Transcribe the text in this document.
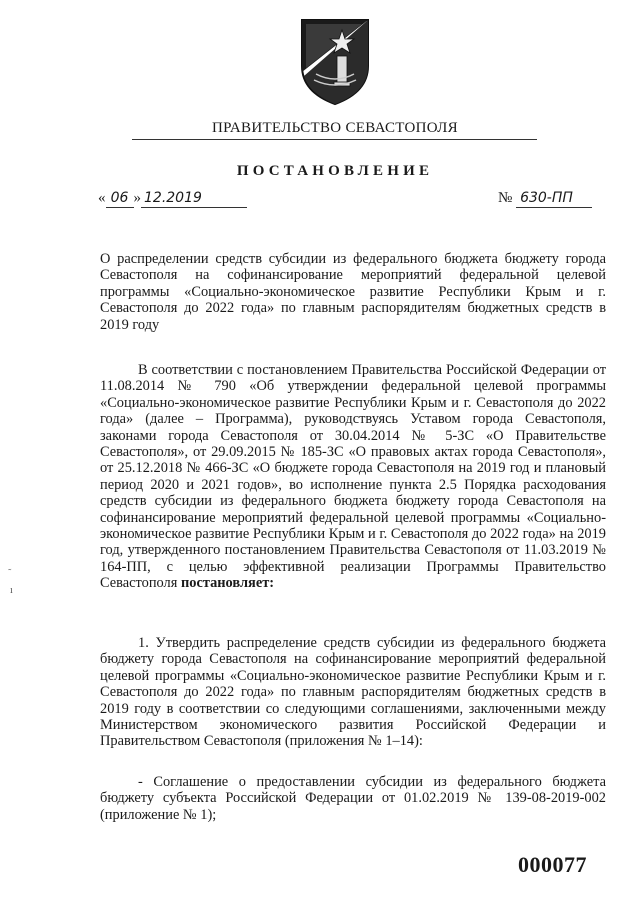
ПРАВИТЕЛЬСТВО СЕВАСТОПОЛЯ
ПОСТАНОВЛЕНИЕ
« 06 » 12.2019	№ 630-ПП
О распределении средств субсидии из федерального бюджета бюджету города Севастополя на софинансирование мероприятий федеральной целевой программы «Социально-экономическое развитие Республики Крым и г. Севастополя до 2022 года» по главным распорядителям бюджетных средств в 2019 году
В соответствии с постановлением Правительства Российской Федерации от 11.08.2014 № 790 «Об утверждении федеральной целевой программы «Социально-экономическое развитие Республики Крым и г. Севастополя до 2022 года» (далее – Программа), руководствуясь Уставом города Севастополя, законами города Севастополя от 30.04.2014 № 5-ЗС «О Правительстве Севастополя», от 29.09.2015 № 185-ЗС «О правовых актах города Севастополя», от 25.12.2018 № 466-ЗС «О бюджете города Севастополя на 2019 год и плановый период 2020 и 2021 годов», во исполнение пункта 2.5 Порядка расходования средств субсидии из федерального бюджета бюджету города Севастополя на софинансирование мероприятий федеральной целевой программы «Социально-экономическое развитие Республики Крым и г. Севастополя до 2022 года» на 2019 год, утвержденного постановлением Правительства Севастополя от 11.03.2019 № 164-ПП, с целью эффективной реализации Программы Правительство Севастополя постановляет:
1. Утвердить распределение средств субсидии из федерального бюджета бюджету города Севастополя на софинансирование мероприятий федеральной целевой программы «Социально-экономическое развитие Республики Крым и г. Севастополя до 2022 года» по главным распорядителям бюджетных средств в 2019 году в соответствии со следующими соглашениями, заключенными между Министерством экономического развития Российской Федерации и Правительством Севастополя (приложения № 1–14):
- Соглашение о предоставлении субсидии из федерального бюджета бюджету субъекта Российской Федерации от 01.02.2019 № 139-08-2019-002 (приложение № 1);
000077
˜
ı
